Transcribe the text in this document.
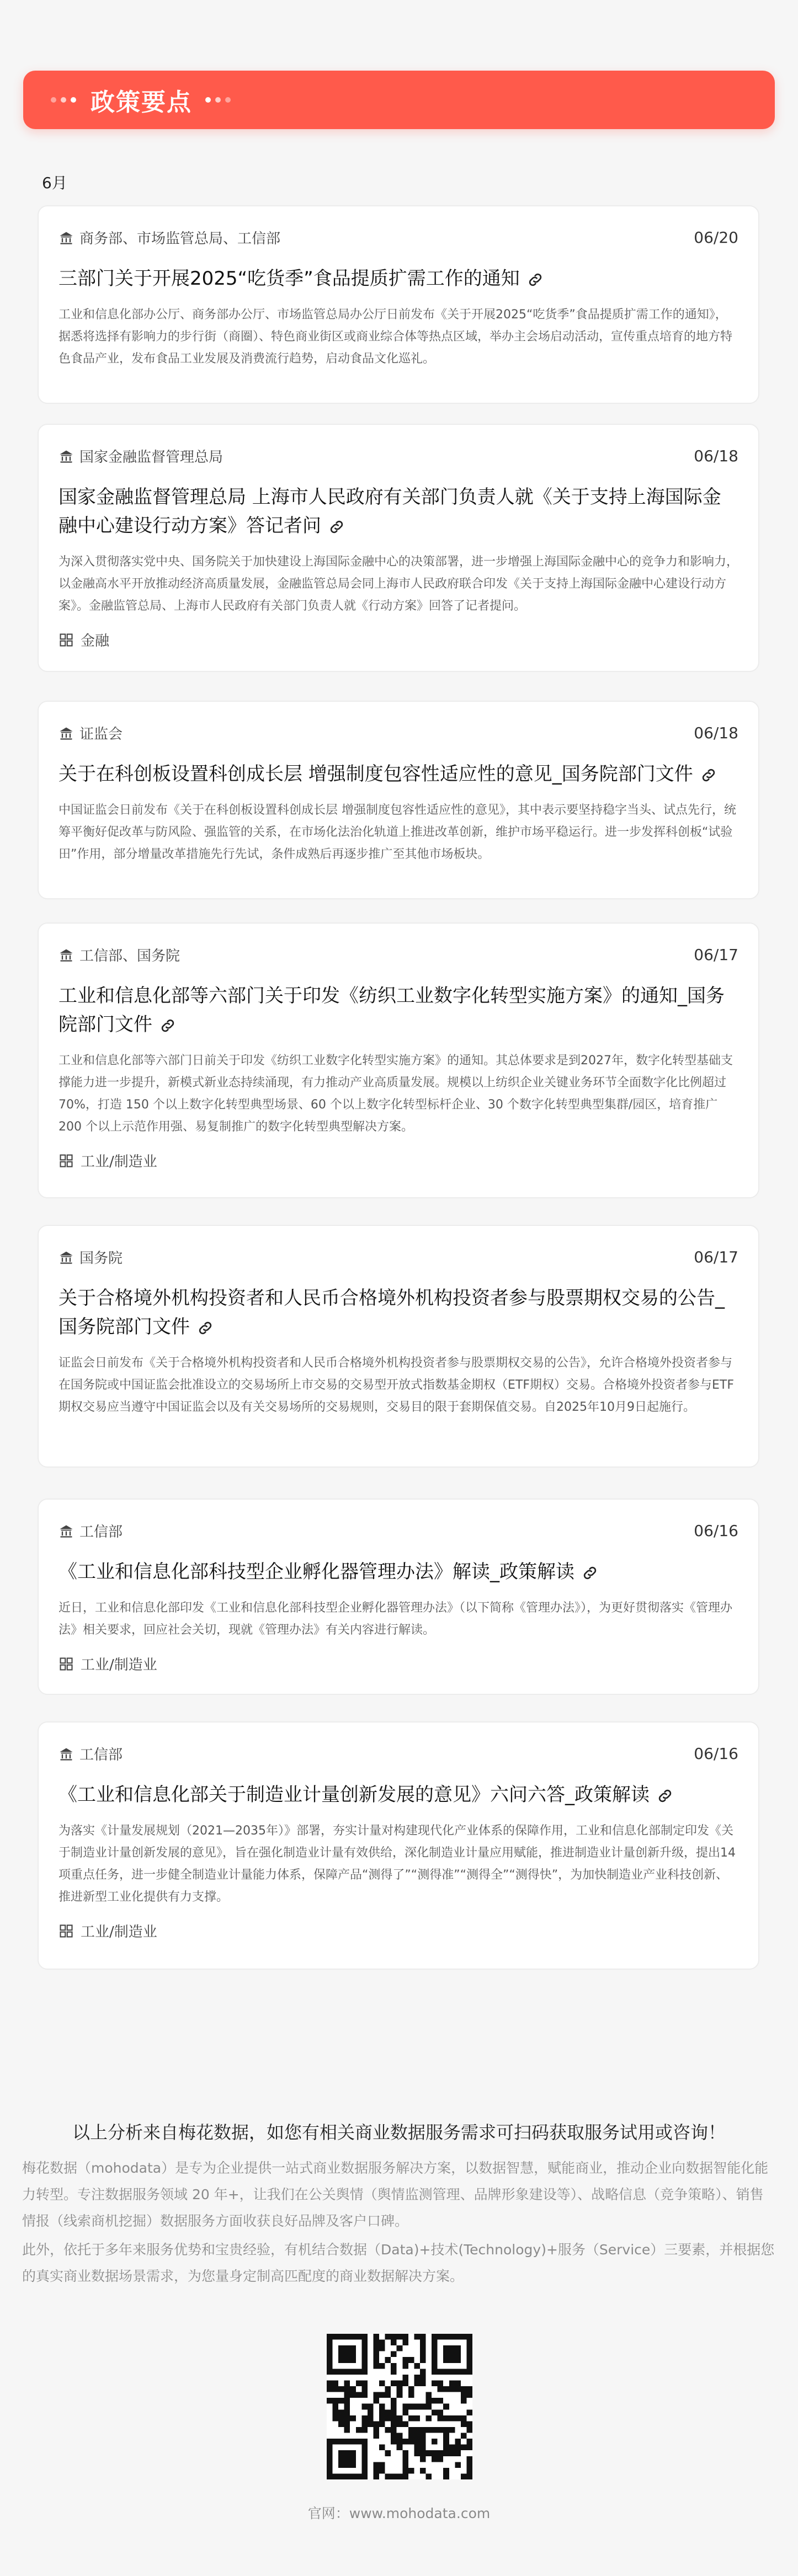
政策要点
6月
商务部、市场监管总局、工信部	06/20
三部门关于开展2025“吃货季”食品提质扩需工作的通知
工业和信息化部办公厅、商务部办公厅、市场监管总局办公厅日前发布《关于开展2025“吃货季”食品提质扩需工作的通知》，据悉将选择有影响力的步行街（商圈）、特色商业街区或商业综合体等热点区域，举办主会场启动活动，宣传重点培育的地方特色食品产业，发布食品工业发展及消费流行趋势，启动食品文化巡礼。
国家金融监督管理总局	06/18
国家金融监督管理总局 上海市人民政府有关部门负责人就《关于支持上海国际金融中心建设行动方案》答记者问
为深入贯彻落实党中央、国务院关于加快建设上海国际金融中心的决策部署，进一步增强上海国际金融中心的竞争力和影响力，以金融高水平开放推动经济高质量发展，金融监管总局会同上海市人民政府联合印发《关于支持上海国际金融中心建设行动方案》。金融监管总局、上海市人民政府有关部门负责人就《行动方案》回答了记者提问。
金融
证监会	06/18
关于在科创板设置科创成长层 增强制度包容性适应性的意见_国务院部门文件
中国证监会日前发布《关于在科创板设置科创成长层 增强制度包容性适应性的意见》，其中表示要坚持稳字当头、试点先行，统筹平衡好促改革与防风险、强监管的关系，在市场化法治化轨道上推进改革创新，维护市场平稳运行。进一步发挥科创板“试验田”作用，部分增量改革措施先行先试，条件成熟后再逐步推广至其他市场板块。
工信部、国务院	06/17
工业和信息化部等六部门关于印发《纺织工业数字化转型实施方案》的通知_国务院部门文件
工业和信息化部等六部门日前关于印发《纺织工业数字化转型实施方案》的通知。其总体要求是到2027年，数字化转型基础支撑能力进一步提升，新模式新业态持续涌现，有力推动产业高质量发展。规模以上纺织企业关键业务环节全面数字化比例超过 70%，打造 150 个以上数字化转型典型场景、60 个以上数字化转型标杆企业、30 个数字化转型典型集群/园区，培育推广 200 个以上示范作用强、易复制推广的数字化转型典型解决方案。
工业/制造业
国务院	06/17
关于合格境外机构投资者和人民币合格境外机构投资者参与股票期权交易的公告_国务院部门文件
证监会日前发布《关于合格境外机构投资者和人民币合格境外机构投资者参与股票期权交易的公告》，允许合格境外投资者参与在国务院或中国证监会批准设立的交易场所上市交易的交易型开放式指数基金期权（ETF期权）交易。合格境外投资者参与ETF期权交易应当遵守中国证监会以及有关交易场所的交易规则，交易目的限于套期保值交易。自2025年10月9日起施行。
工信部	06/16
《工业和信息化部科技型企业孵化器管理办法》解读_政策解读
近日，工业和信息化部印发《工业和信息化部科技型企业孵化器管理办法》（以下简称《管理办法》），为更好贯彻落实《管理办法》相关要求，回应社会关切，现就《管理办法》有关内容进行解读。
工业/制造业
工信部	06/16
《工业和信息化部关于制造业计量创新发展的意见》六问六答_政策解读
为落实《计量发展规划（2021—2035年）》部署，夯实计量对构建现代化产业体系的保障作用，工业和信息化部制定印发《关于制造业计量创新发展的意见》，旨在强化制造业计量有效供给，深化制造业计量应用赋能，推进制造业计量创新升级，提出14项重点任务，进一步健全制造业计量能力体系，保障产品“测得了”“测得准”“测得全”“测得快”，为加快制造业产业科技创新、推进新型工业化提供有力支撑。
工业/制造业
以上分析来自梅花数据，如您有相关商业数据服务需求可扫码获取服务试用或咨询！
梅花数据（mohodata）是专为企业提供一站式商业数据服务解决方案，以数据智慧，赋能商业，推动企业向数据智能化能力转型。专注数据服务领域 20 年+，让我们在公关舆情（舆情监测管理、品牌形象建设等）、战略信息（竞争策略）、销售情报（线索商机挖掘）数据服务方面收获良好品牌及客户口碑。
此外，依托于多年来服务优势和宝贵经验，有机结合数据（Data)+技术(Technology)+服务（Service）三要素，并根据您的真实商业数据场景需求，为您量身定制高匹配度的商业数据解决方案。
官网：www.mohodata.com
